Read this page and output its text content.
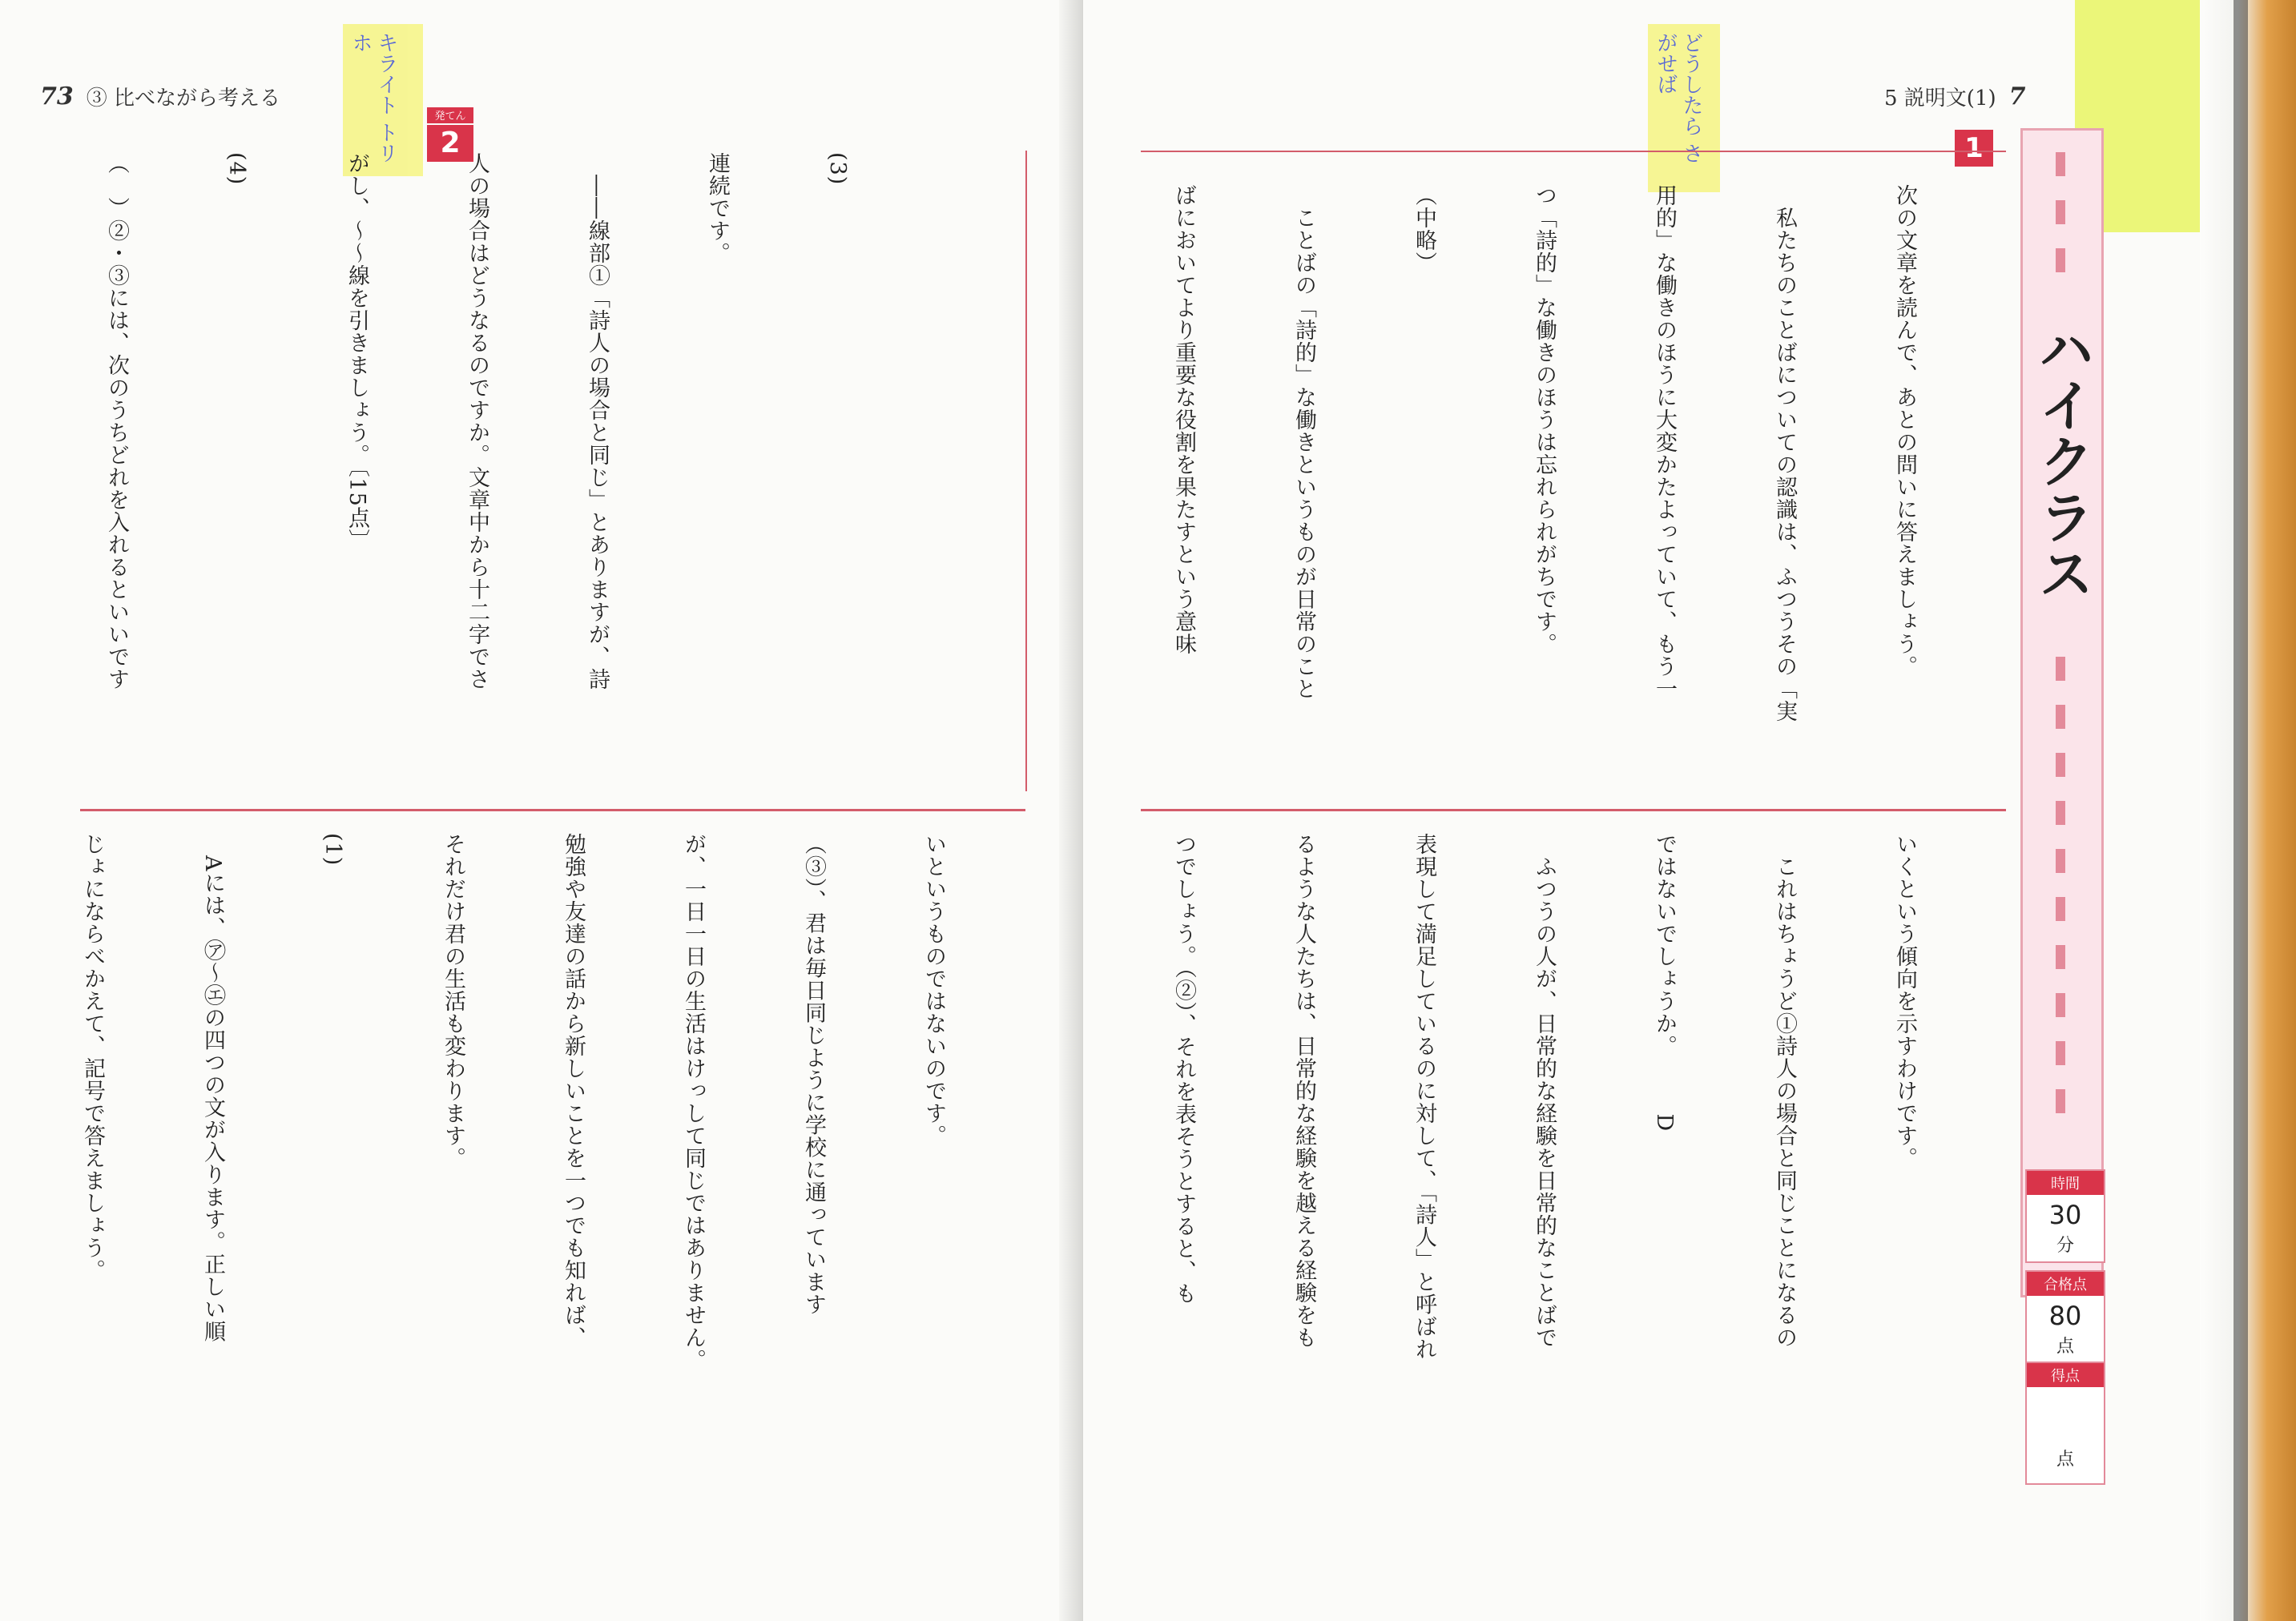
73 ③ 比べながら考える	キライト トリホ
発てん
2

(3)

連続です。

　――線部①「詩人の場合と同じ」とありますが、詩

人の場合はどうなるのですか。文章中から十二字でさ

がし、～～線を引きましょう。〔15点〕

(4)

（　）②・③には、次のうちどれを入れるといいです

いというものではないのです。

（③）、君は毎日同じように学校に通っています

が、一日一日の生活はけっして同じではありません。

勉強や友達の話から新しいことを一つでも知れば、

それだけ君の生活も変わります。

(1)

　Aには、㋐～㋓の四つの文が入ります。正しい順

じょにならべかえて、記号で答えましょう。

5 説明文(1) 7
どうしたら さがせば
1

次の文章を読んで、あとの問いに答えましょう。

　私たちのことばについての認識は、ふつうその「実

用的」な働きのほうに大変かたよっていて、もう一

つ「詩的」な働きのほうは忘れられがちです。

（中略）

　ことばの「詩的」な働きというものが日常のこと

ばにおいてより重要な役割を果たすという意味

いくという傾向を示すわけです。

　これはちょうど①詩人の場合と同じことになるの

ではないでしょうか。　　　D

　ふつうの人が、日常的な経験を日常的なことばで

表現して満足しているのに対して、「詩人」と呼ばれ

るような人たちは、日常的な経験を越える経験をも

つでしょう。（②）、それを表そうとすると、も

ハイクラス
時間
30
分
合格点
80
点
得点
点
